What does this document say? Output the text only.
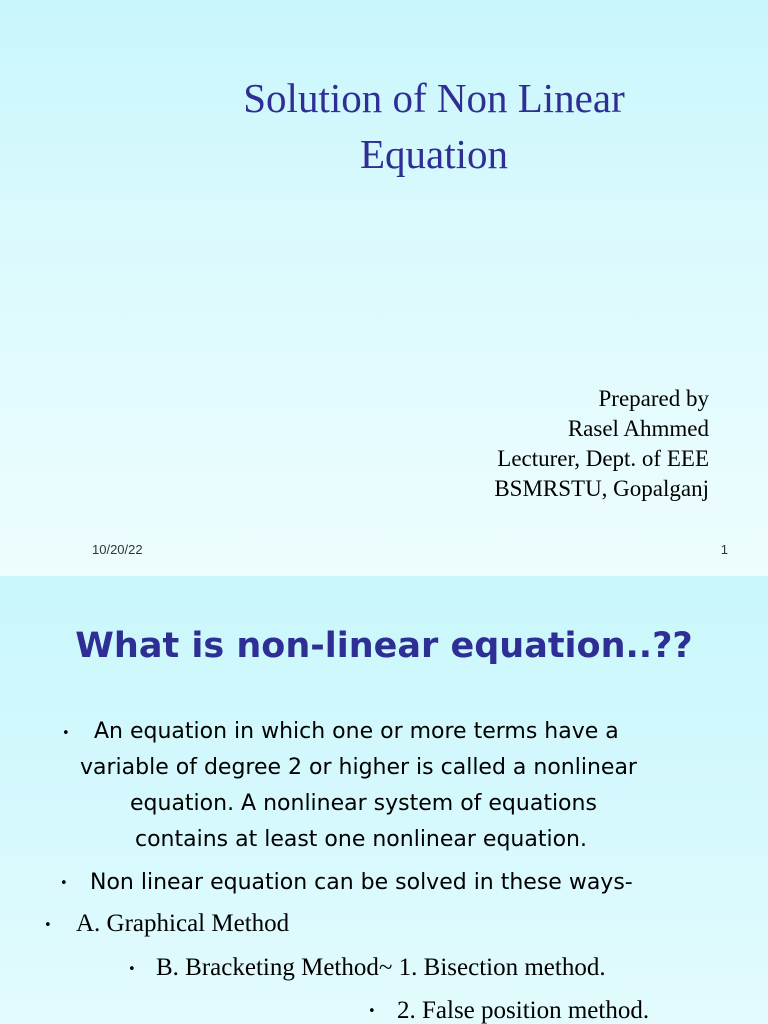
Solution of Non Linear
Equation
Prepared by
Rasel Ahmmed
Lecturer, Dept. of EEE
BSMRSTU, Gopalganj
10/20/22	1
What is non-linear equation..??
• An equation in which one or more terms have a
variable of degree 2 or higher is called a nonlinear
equation. A nonlinear system of equations
contains at least one nonlinear equation.
• Non linear equation can be solved in these ways-
• A. Graphical Method
• B. Bracketing Method~ 1. Bisection method.
• 2. False position method.
